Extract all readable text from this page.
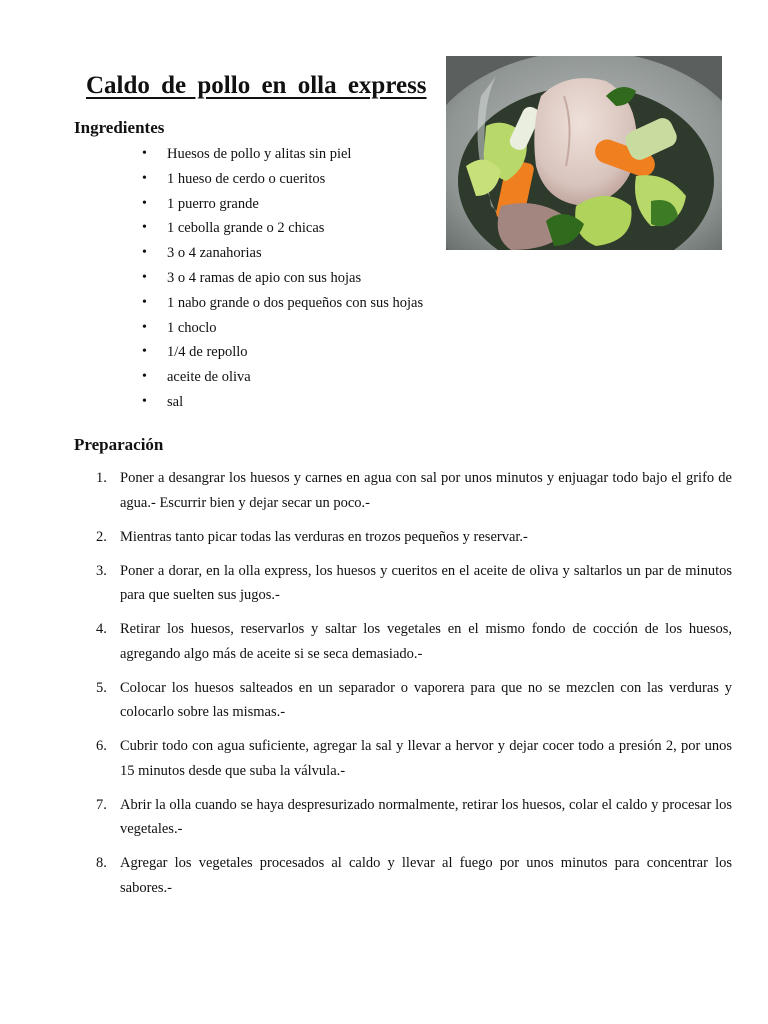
Caldo de pollo en olla express
Ingredientes
• Huesos de pollo y alitas sin piel
• 1 hueso de cerdo o cueritos
• 1 puerro grande
• 1 cebolla grande o 2 chicas
• 3 o 4 zanahorias
• 3 o 4 ramas de apio con sus hojas
• 1 nabo grande o dos pequeños con sus hojas
• 1 choclo
• 1/4 de repollo
• aceite de oliva
• sal
Preparación
1. Poner a desangrar los huesos y carnes en agua con sal por unos minutos y enjuagar todo bajo el grifo de agua.- Escurrir bien y dejar secar un poco.-
2. Mientras tanto picar todas las verduras en trozos pequeños y reservar.-
3. Poner a dorar, en la olla express, los huesos y cueritos en el aceite de oliva y saltarlos un par de minutos para que suelten sus jugos.-
4. Retirar los huesos, reservarlos y saltar los vegetales en el mismo fondo de cocción de los huesos, agregando algo más de aceite si se seca demasiado.-
5. Colocar los huesos salteados en un separador o vaporera para que no se mezclen con las verduras y colocarlo sobre las mismas.-
6. Cubrir todo con agua suficiente, agregar la sal y llevar a hervor y dejar cocer todo a presión 2, por unos 15 minutos desde que suba la válvula.-
7. Abrir la olla cuando se haya despresurizado normalmente, retirar los huesos, colar el caldo y procesar los vegetales.-
8. Agregar los vegetales procesados al caldo y llevar al fuego por unos minutos para concentrar los sabores.-
